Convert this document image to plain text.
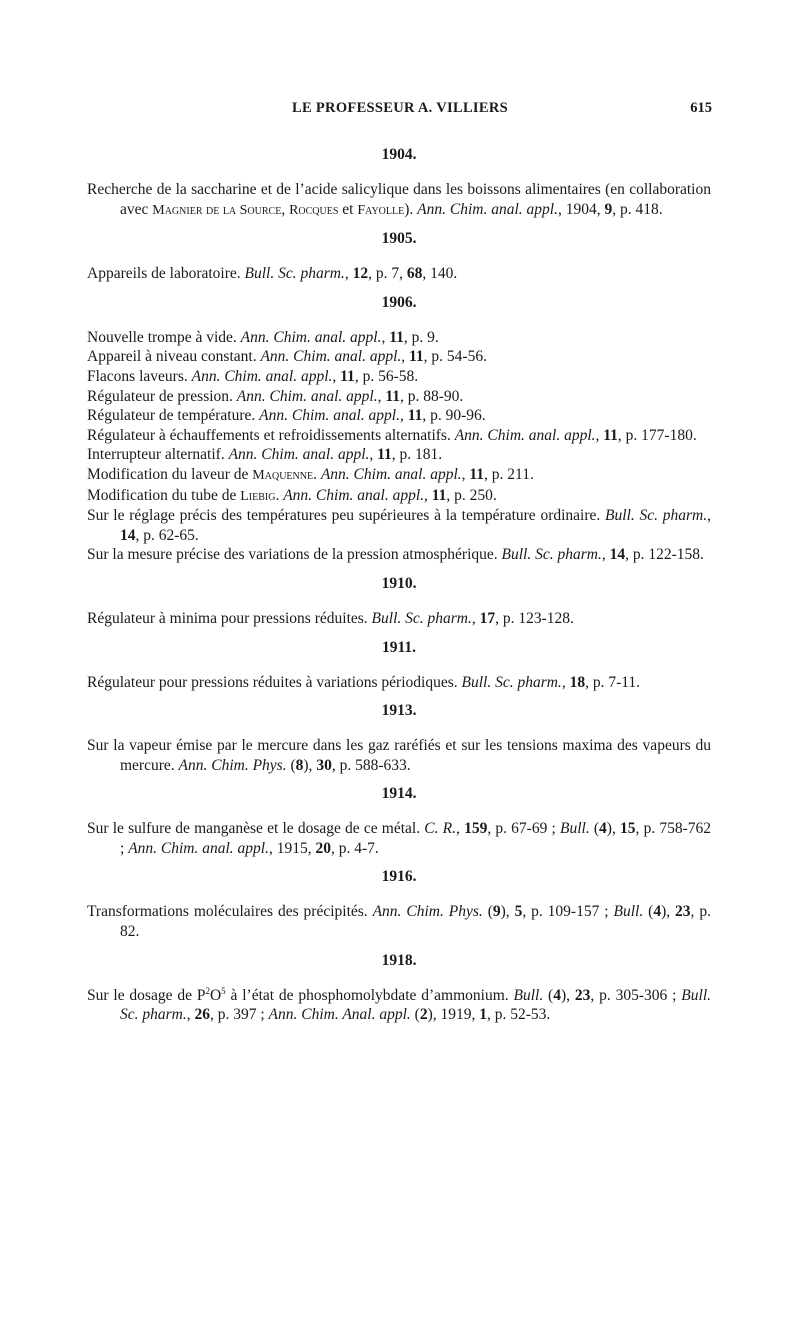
LE PROFESSEUR A. VILLIERS	615
1904.
Recherche de la saccharine et de l’acide salicylique dans les boissons alimentaires (en collaboration avec Magnier de la Source, Rocques et Fayolle). Ann. Chim. anal. appl., 1904, 9, p. 418.
1905.
Appareils de laboratoire. Bull. Sc. pharm., 12, p. 7, 68, 140.
1906.
Nouvelle trompe à vide. Ann. Chim. anal. appl., 11, p. 9.
Appareil à niveau constant. Ann. Chim. anal. appl., 11, p. 54-56.
Flacons laveurs. Ann. Chim. anal. appl., 11, p. 56-58.
Régulateur de pression. Ann. Chim. anal. appl., 11, p. 88-90.
Régulateur de température. Ann. Chim. anal. appl., 11, p. 90-96.
Régulateur à échauffements et refroidissements alternatifs. Ann. Chim. anal. appl., 11, p. 177-180.
Interrupteur alternatif. Ann. Chim. anal. appl., 11, p. 181.
Modification du laveur de Maquenne. Ann. Chim. anal. appl., 11, p. 211.
Modification du tube de Liebig. Ann. Chim. anal. appl., 11, p. 250.
Sur le réglage précis des températures peu supérieures à la température ordinaire. Bull. Sc. pharm., 14, p. 62-65.
Sur la mesure précise des variations de la pression atmosphérique. Bull. Sc. pharm., 14, p. 122-158.
1910.
Régulateur à minima pour pressions réduites. Bull. Sc. pharm., 17, p. 123-128.
1911.
Régulateur pour pressions réduites à variations périodiques. Bull. Sc. pharm., 18, p. 7-11.
1913.
Sur la vapeur émise par le mercure dans les gaz raréfiés et sur les tensions maxima des vapeurs du mercure. Ann. Chim. Phys. (8), 30, p. 588-633.
1914.
Sur le sulfure de manganèse et le dosage de ce métal. C. R., 159, p. 67-69 ; Bull. (4), 15, p. 758-762 ; Ann. Chim. anal. appl., 1915, 20, p. 4-7.
1916.
Transformations moléculaires des précipités. Ann. Chim. Phys. (9), 5, p. 109-157 ; Bull. (4), 23, p. 82.
1918.
Sur le dosage de $P^2O^5$ à l’état de phosphomolybdate d’ammonium. Bull. (4), 23, p. 305-306 ; Bull. Sc. pharm., 26, p. 397 ; Ann. Chim. Anal. appl. (2), 1919, 1, p. 52-53.
